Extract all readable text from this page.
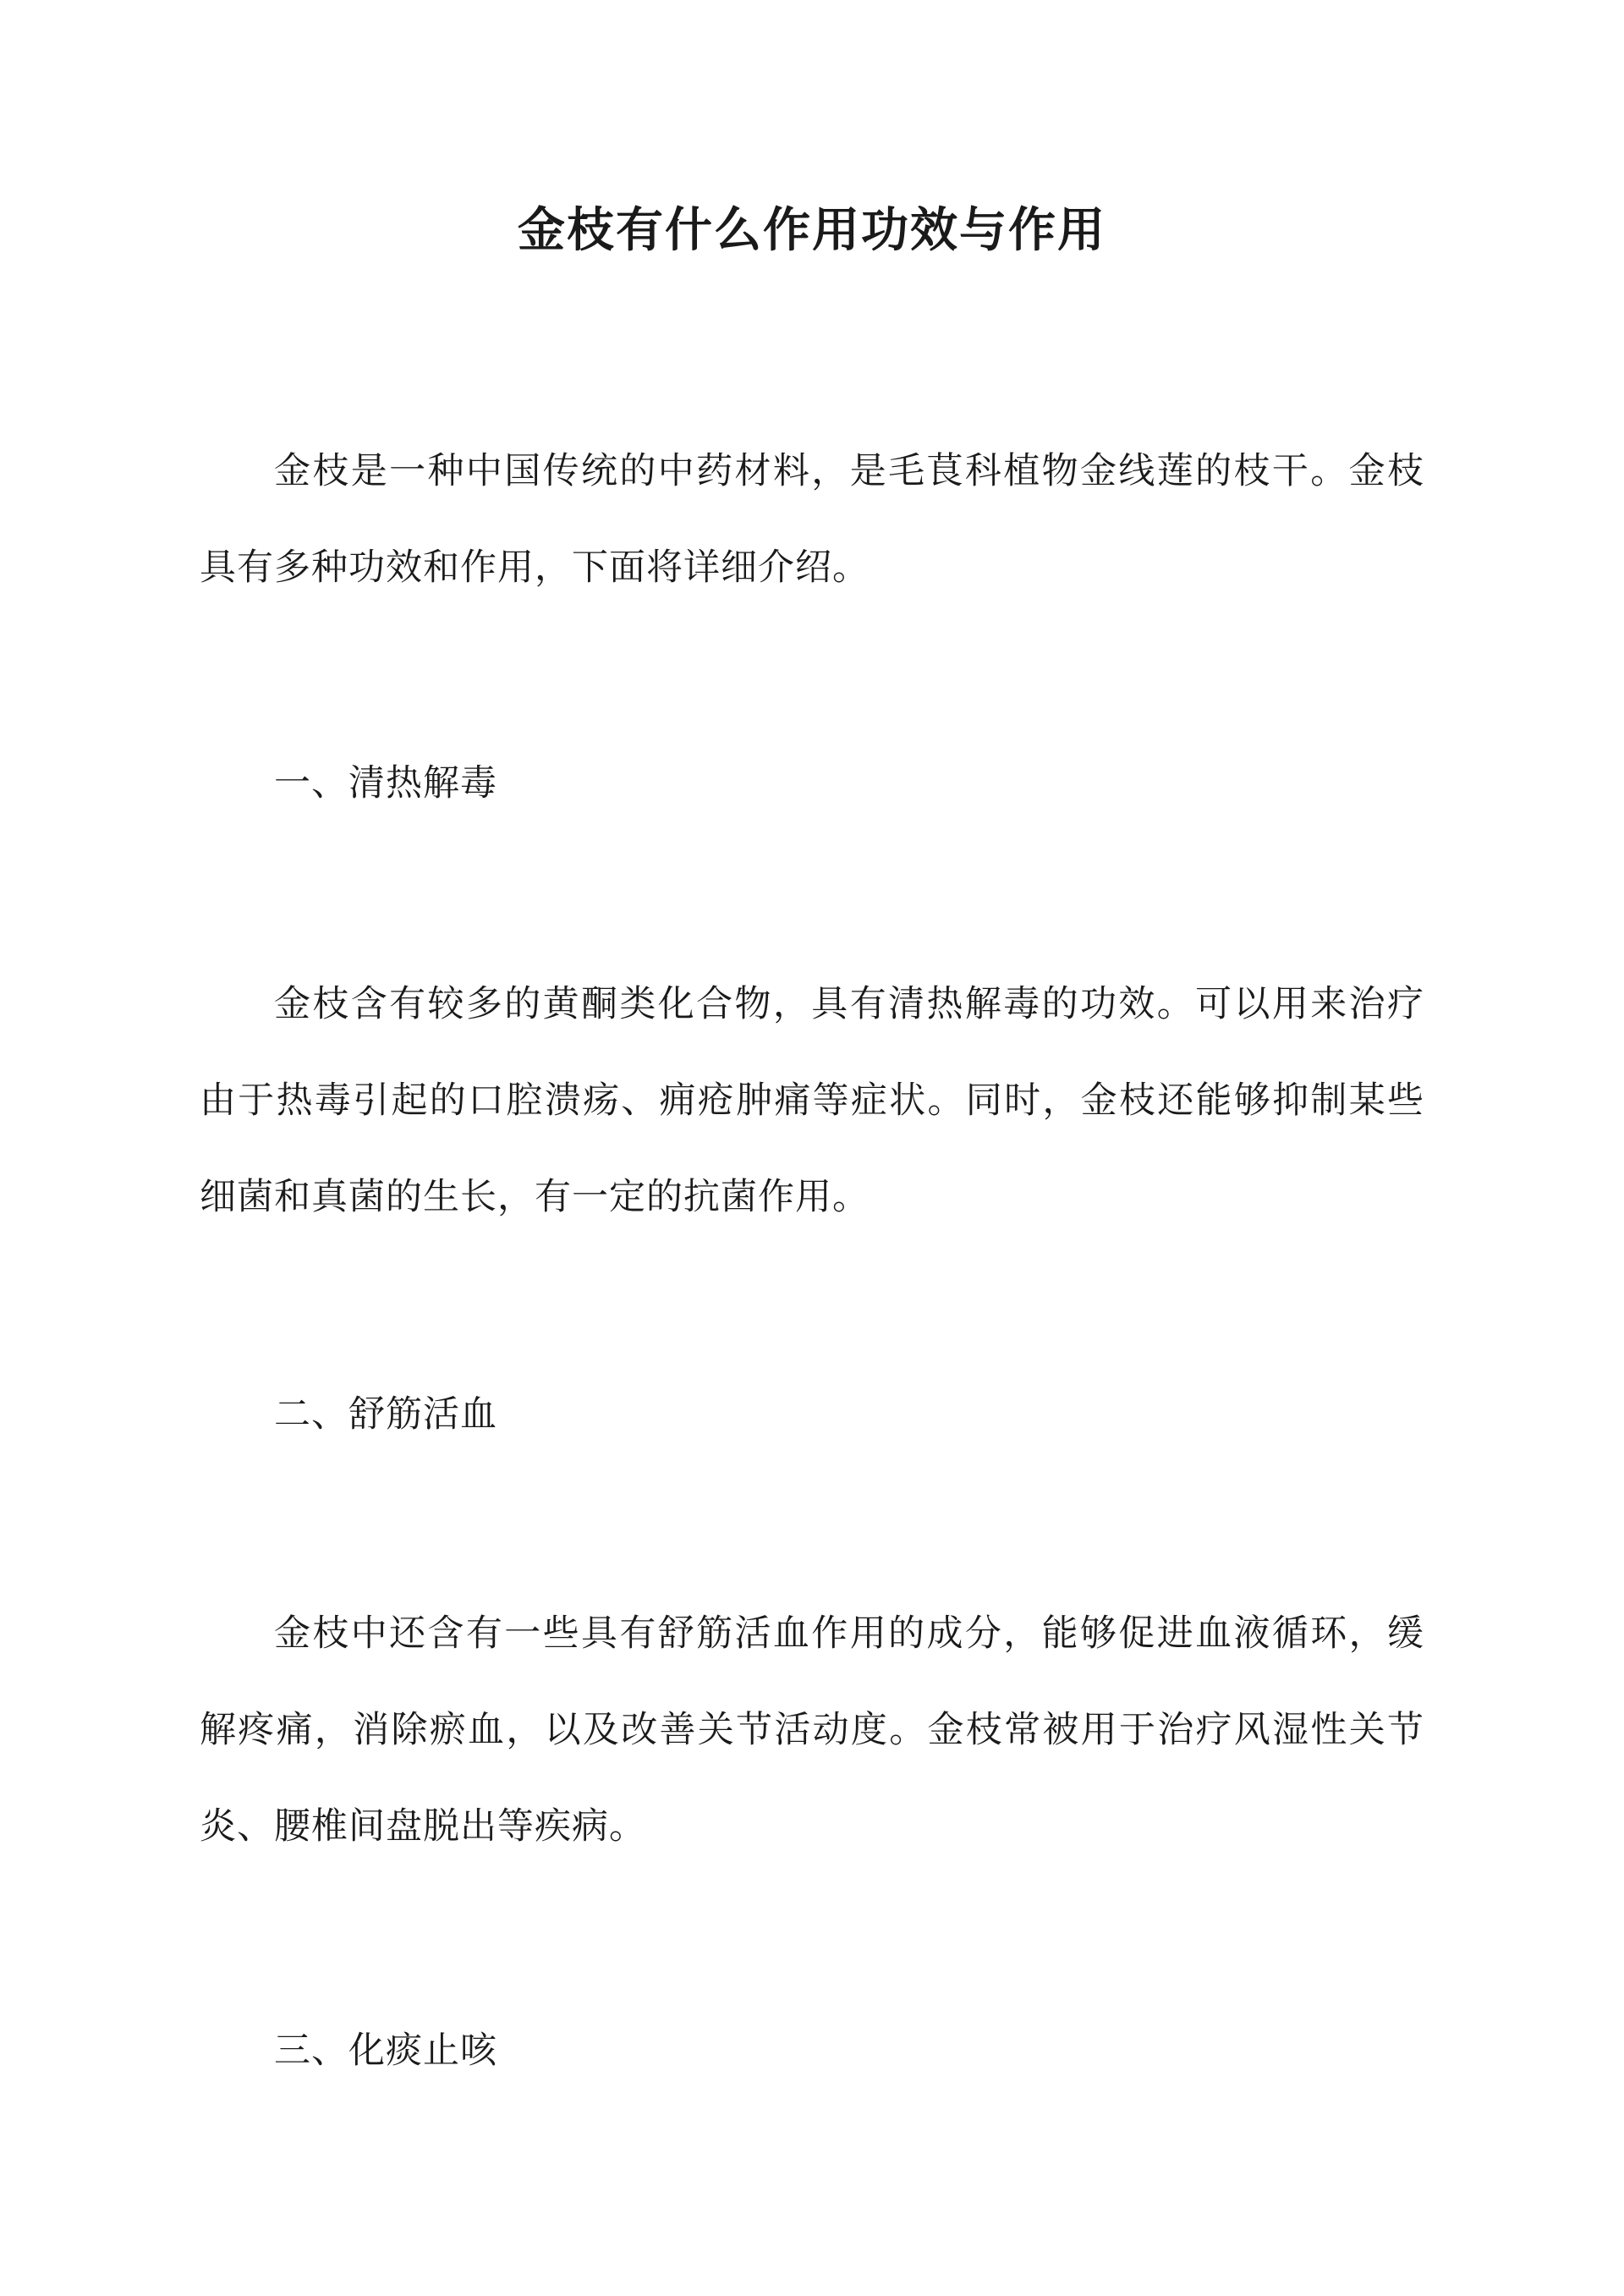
金枝有什么作用功效与作用

金枝是一种中国传统的中药材料，是毛茛科植物金线莲的枝干。金枝具有多种功效和作用，下面将详细介绍。

一、清热解毒

金枝含有较多的黄酮类化合物，具有清热解毒的功效。可以用来治疗由于热毒引起的口腔溃疡、痈疮肿痛等症状。同时，金枝还能够抑制某些细菌和真菌的生长，有一定的抗菌作用。

二、舒筋活血

金枝中还含有一些具有舒筋活血作用的成分，能够促进血液循环，缓解疼痛，消除瘀血，以及改善关节活动度。金枝常被用于治疗风湿性关节炎、腰椎间盘脱出等疾病。

三、化痰止咳
